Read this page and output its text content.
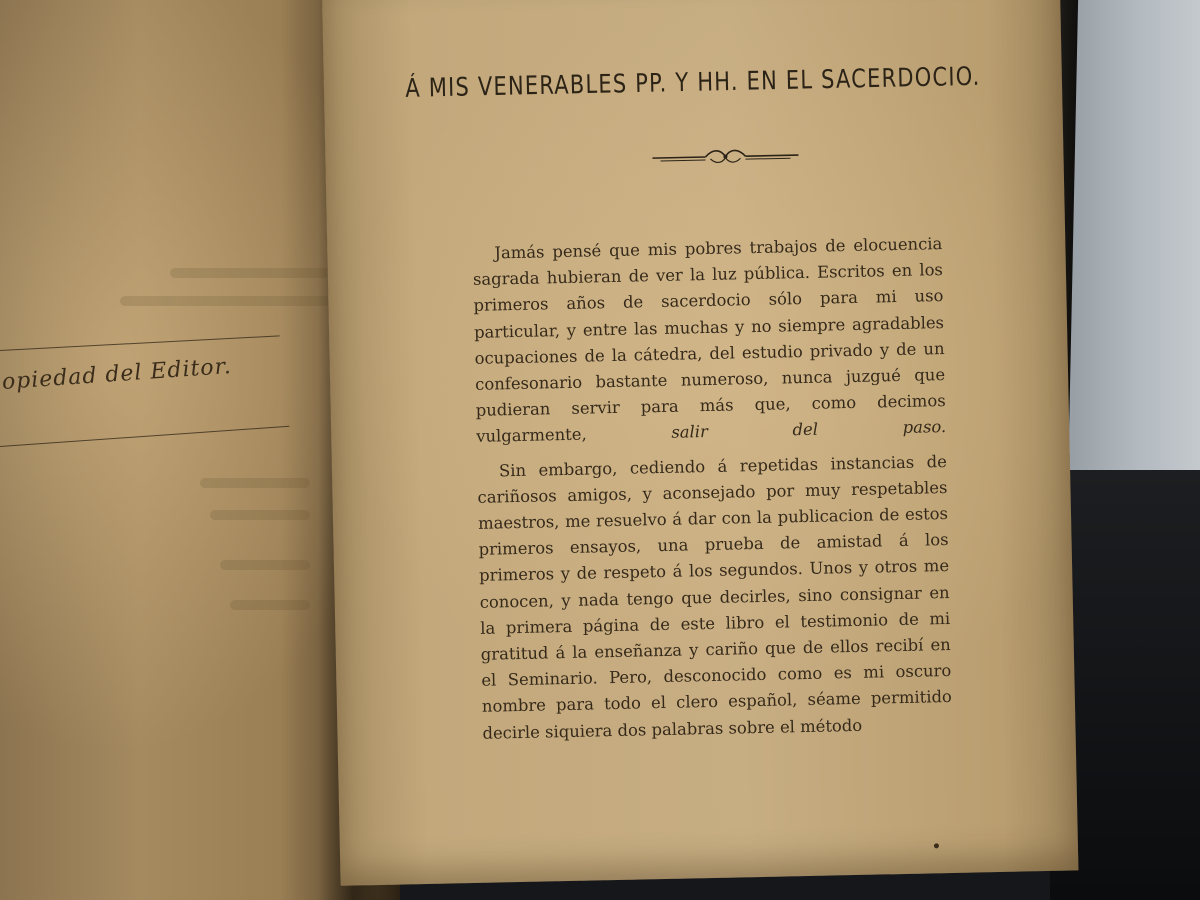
opiedad del Editor.
Á MIS VENERABLES PP. Y HH. EN EL SACERDOCIO.

Jamás pensé que mis pobres trabajos de elocuencia sagrada hubieran de ver la luz pública. Escritos en los primeros años de sacerdocio sólo para mi uso particular, y entre las muchas y no siempre agradables ocupaciones de la cátedra, del estudio privado y de un confesonario bastante numeroso, nunca juzgué que pudieran servir para más que, como decimos vulgarmente,	salir del paso.

Sin embargo, cediendo á repetidas instancias de cariñosos amigos, y aconsejado por muy respetables maestros, me resuelvo á dar con la publicacion de estos primeros ensayos, una prueba de amistad á los primeros y de respeto á los segundos. Unos y otros me conocen, y nada tengo que decirles, sino consignar en la primera página de este libro el testimonio de mi gratitud á la enseñanza y cariño que de ellos recibí en el Seminario. Pero, desconocido como es mi oscuro nombre para todo el clero español, séame permitido decirle siquiera dos palabras sobre el método
